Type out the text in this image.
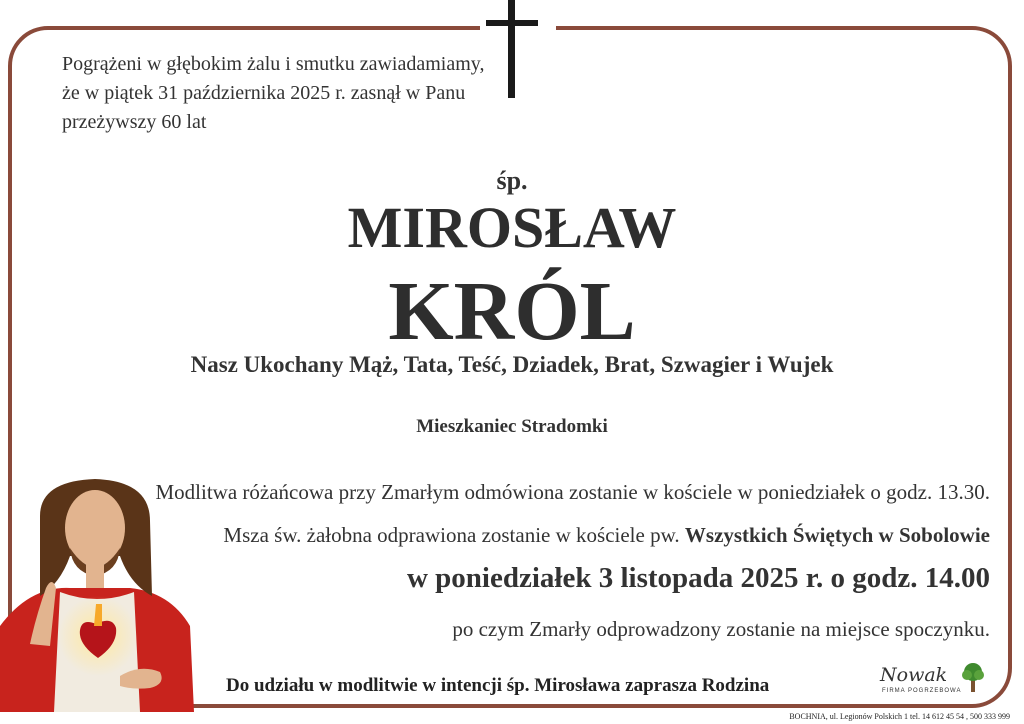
Pogrążeni w głębokim żalu i smutku zawiadamiamy,
że w piątek 31 października 2025 r. zasnął w Panu
przeżywszy 60 lat
śp.
MIROSŁAW
KRÓL
Nasz Ukochany Mąż, Tata, Teść, Dziadek, Brat, Szwagier i Wujek
Mieszkaniec Stradomki
Modlitwa różańcowa przy Zmarłym odmówiona zostanie w kościele w poniedziałek o godz. 13.30.
Msza św. żałobna odprawiona zostanie w kościele pw. Wszystkich Świętych w Sobolowie
w poniedziałek 3 listopada 2025 r. o godz. 14.00
po czym Zmarły odprowadzony zostanie na miejsce spoczynku.
Do udziału w modlitwie w intencji śp. Mirosława zaprasza Rodzina	Nowak
FIRMA POGRZEBOWA
BOCHNIA, ul. Legionów Polskich 1 tel. 14 612 45 54 , 500 333 999
